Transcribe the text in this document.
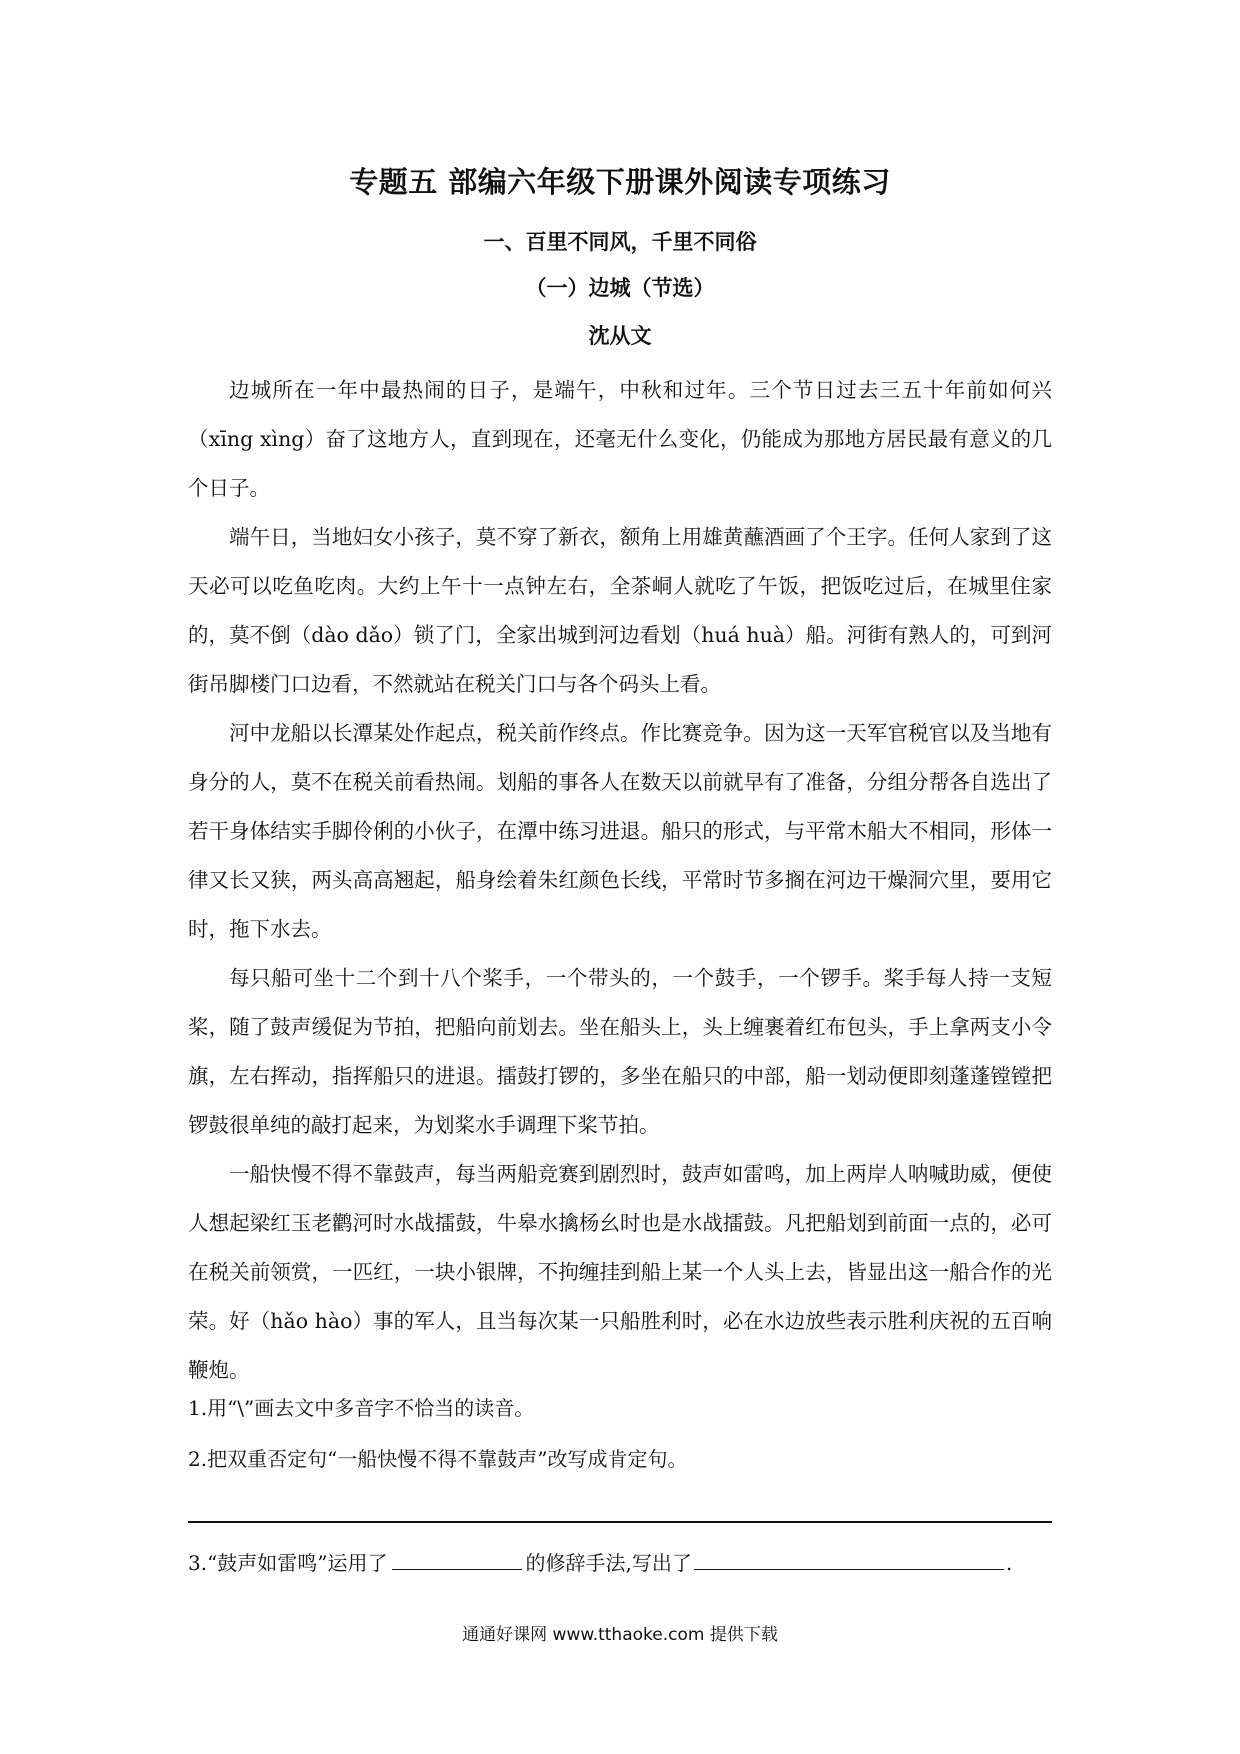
专题五 部编六年级下册课外阅读专项练习
一、百里不同风，千里不同俗
（一）边城（节选）
沈从文

边城所在一年中最热闹的日子，是端午，中秋和过年。三个节日过去三五十年前如何兴（xīng xìng）奋了这地方人，直到现在，还毫无什么变化，仍能成为那地方居民最有意义的几个日子。

端午日，当地妇女小孩子，莫不穿了新衣，额角上用雄黄蘸酒画了个王字。任何人家到了这天必可以吃鱼吃肉。大约上午十一点钟左右，全茶峒人就吃了午饭，把饭吃过后，在城里住家的，莫不倒（dào dǎo）锁了门，全家出城到河边看划（huá huà）船。河街有熟人的，可到河街吊脚楼门口边看，不然就站在税关门口与各个码头上看。

河中龙船以长潭某处作起点，税关前作终点。作比赛竞争。因为这一天军官税官以及当地有身分的人，莫不在税关前看热闹。划船的事各人在数天以前就早有了准备，分组分帮各自选出了若干身体结实手脚伶俐的小伙子，在潭中练习进退。船只的形式，与平常木船大不相同，形体一律又长又狭，两头高高翘起，船身绘着朱红颜色长线，平常时节多搁在河边干燥洞穴里，要用它时，拖下水去。

每只船可坐十二个到十八个桨手，一个带头的，一个鼓手，一个锣手。桨手每人持一支短桨，随了鼓声缓促为节拍，把船向前划去。坐在船头上，头上缠裹着红布包头，手上拿两支小令旗，左右挥动，指挥船只的进退。擂鼓打锣的，多坐在船只的中部，船一划动便即刻蓬蓬镗镗把锣鼓很单纯的敲打起来，为划桨水手调理下桨节拍。

一船快慢不得不靠鼓声，每当两船竞赛到剧烈时，鼓声如雷鸣，加上两岸人呐喊助威，便使人想起梁红玉老鹳河时水战擂鼓，牛皋水擒杨幺时也是水战擂鼓。凡把船划到前面一点的，必可在税关前领赏，一匹红，一块小银牌，不拘缠挂到船上某一个人头上去，皆显出这一船合作的光荣。好（hǎo hào）事的军人，且当每次某一只船胜利时，必在水边放些表示胜利庆祝的五百响鞭炮。

1.用“\”画去文中多音字不恰当的读音。
2.把双重否定句“一船快慢不得不靠鼓声”改写成肯定句。
3.“鼓声如雷鸣”运用了	的修辞手法,写出了	.
通通好课网 www.tthaoke.com 提供下载
